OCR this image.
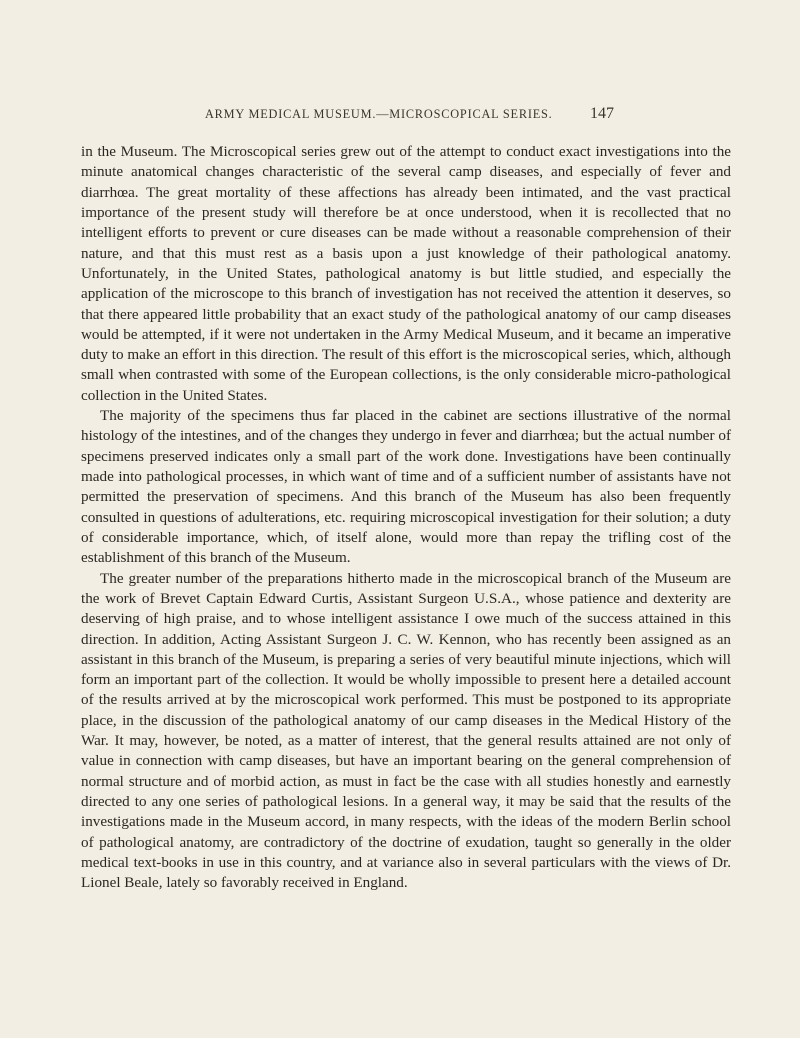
ARMY MEDICAL MUSEUM.—MICROSCOPICAL SERIES. 147

in the Museum. The Microscopical series grew out of the attempt to conduct exact investigations into the minute anatomical changes characteristic of the several camp diseases, and especially of fever and diarrhœa. The great mortality of these affections has already been intimated, and the vast practical importance of the present study will therefore be at once understood, when it is recollected that no intelligent efforts to prevent or cure diseases can be made without a reasonable comprehension of their nature, and that this must rest as a basis upon a just knowledge of their pathological anatomy. Unfortunately, in the United States, pathological anatomy is but little studied, and especially the application of the microscope to this branch of investigation has not received the attention it deserves, so that there appeared little probability that an exact study of the pathological anatomy of our camp diseases would be attempted, if it were not undertaken in the Army Medical Museum, and it became an imperative duty to make an effort in this direction. The result of this effort is the microscopical series, which, although small when contrasted with some of the European collections, is the only considerable micro-pathological collection in the United States.

The majority of the specimens thus far placed in the cabinet are sections illustrative of the normal histology of the intestines, and of the changes they undergo in fever and diarrhœa; but the actual number of specimens preserved indicates only a small part of the work done. Investigations have been continually made into pathological processes, in which want of time and of a sufficient number of assistants have not permitted the preservation of specimens. And this branch of the Museum has also been frequently consulted in questions of adulterations, etc. requiring microscopical investigation for their solution; a duty of considerable importance, which, of itself alone, would more than repay the trifling cost of the establishment of this branch of the Museum.

The greater number of the preparations hitherto made in the microscopical branch of the Museum are the work of Brevet Captain Edward Curtis, Assistant Surgeon U.S.A., whose patience and dexterity are deserving of high praise, and to whose intelligent assistance I owe much of the success attained in this direction. In addition, Acting Assistant Surgeon J. C. W. Kennon, who has recently been assigned as an assistant in this branch of the Museum, is preparing a series of very beautiful minute injections, which will form an important part of the collection. It would be wholly impossible to present here a detailed account of the results arrived at by the microscopical work performed. This must be postponed to its appropriate place, in the discussion of the pathological anatomy of our camp diseases in the Medical History of the War. It may, however, be noted, as a matter of interest, that the general results attained are not only of value in connection with camp diseases, but have an important bearing on the general comprehension of normal structure and of morbid action, as must in fact be the case with all studies honestly and earnestly directed to any one series of pathological lesions. In a general way, it may be said that the results of the investigations made in the Museum accord, in many respects, with the ideas of the modern Berlin school of pathological anatomy, are contradictory of the doctrine of exudation, taught so generally in the older medical text-books in use in this country, and at variance also in several particulars with the views of Dr. Lionel Beale, lately so favorably received in England.
